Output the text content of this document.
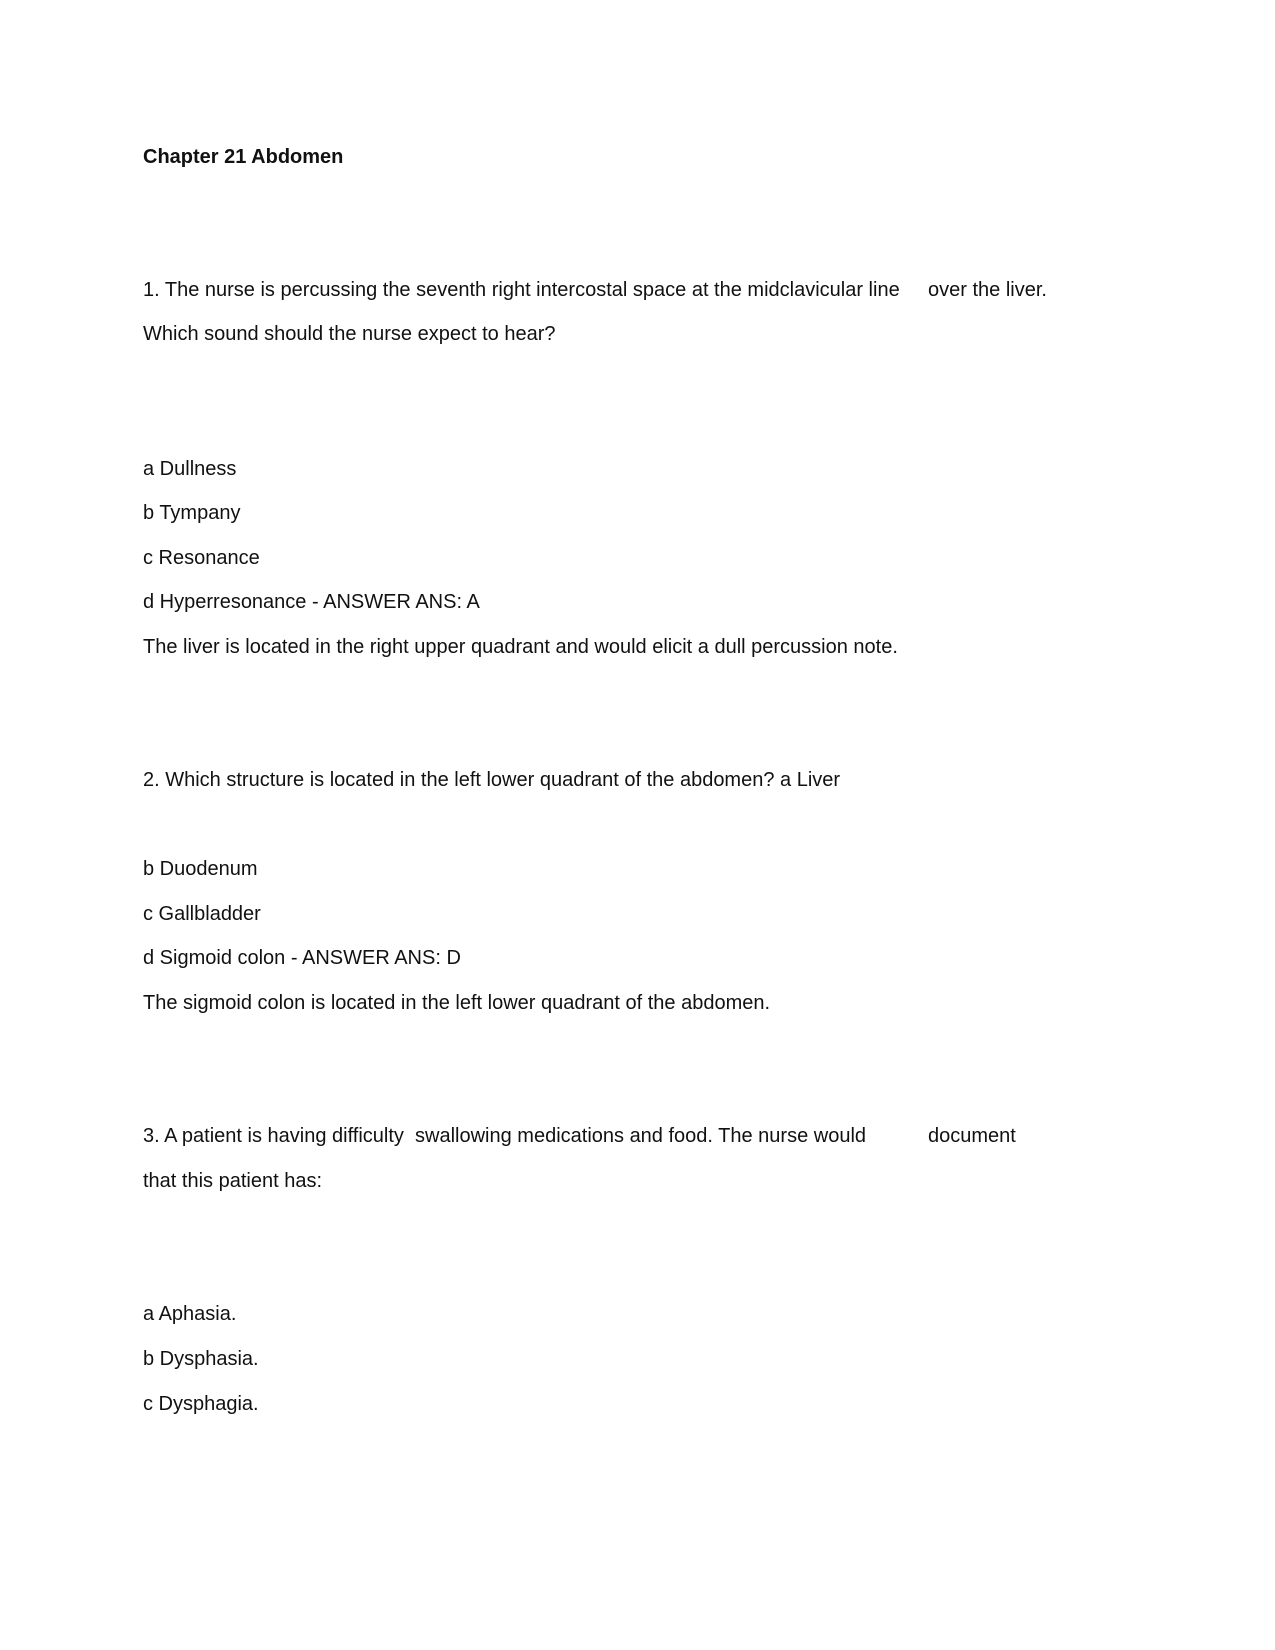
Chapter 21 Abdomen
1. The nurse is percussing the seventh right intercostal space at the midclavicular line over the liver.
Which sound should the nurse expect to hear?
a Dullness
b Tympany
c Resonance
d Hyperresonance - ANSWER ANS: A
The liver is located in the right upper quadrant and would elicit a dull percussion note.
2. Which structure is located in the left lower quadrant of the abdomen? a Liver
b Duodenum
c Gallbladder
d Sigmoid colon - ANSWER ANS: D
The sigmoid colon is located in the left lower quadrant of the abdomen.
3. A patient is having difficulty  swallowing medications and food. The nurse would	document
that this patient has:
a Aphasia.
b Dysphasia.
c Dysphagia.
